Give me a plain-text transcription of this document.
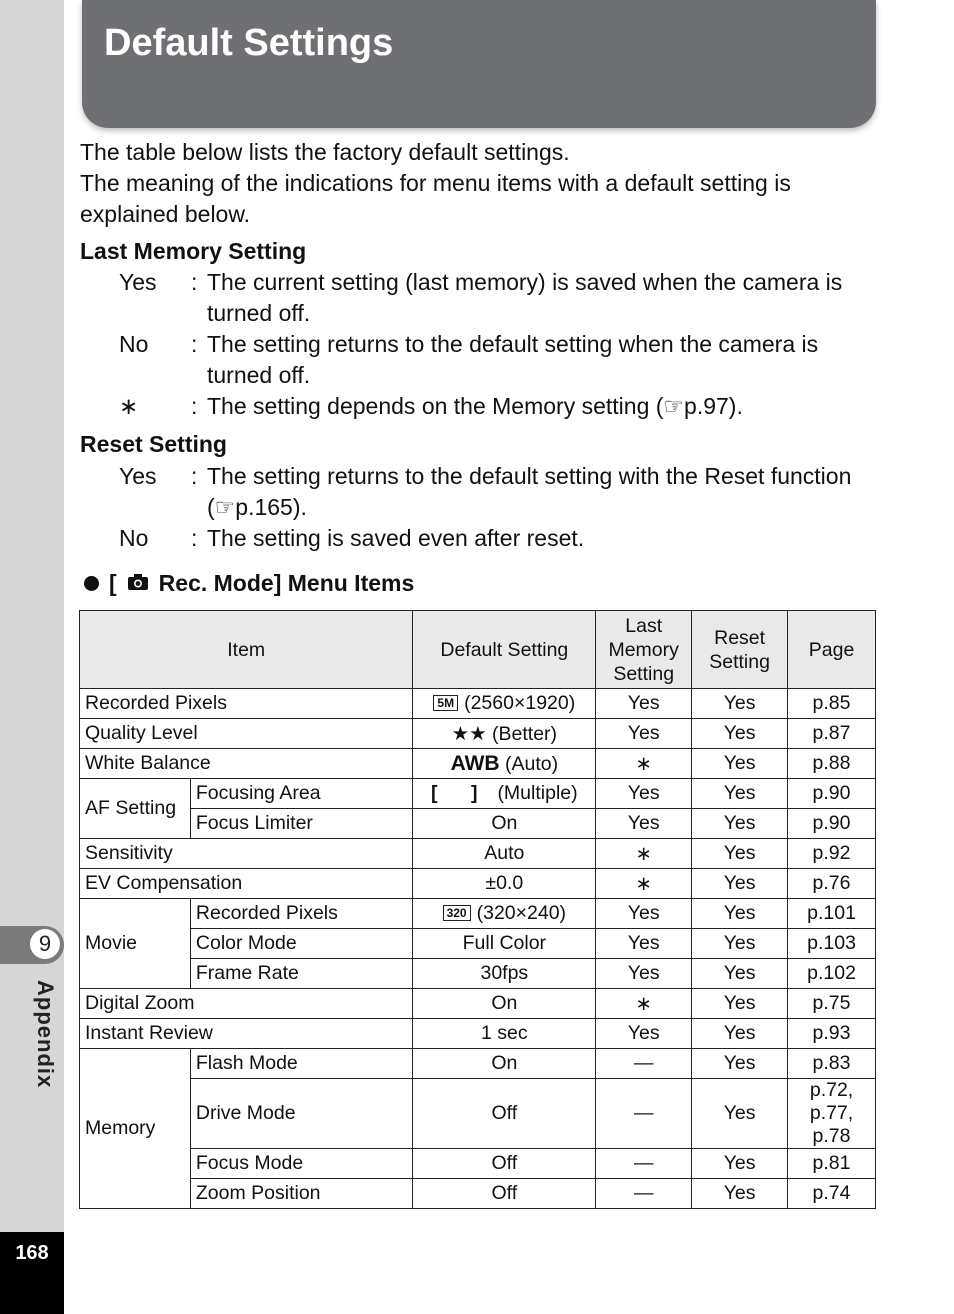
9
Appendix
168
Default Settings
The table below lists the factory default settings.
The meaning of the indications for menu items with a default setting is explained below.
Last Memory Setting
Yes : The current setting (last memory) is saved when the camera is turned off.
No : The setting returns to the default setting when the camera is turned off.
∗ : The setting depends on the Memory setting (☞p.97).
Reset Setting
Yes : The setting returns to the default setting with the Reset function (☞p.165).
No : The setting is saved even after reset.
[ Rec. Mode] Menu Items
Item		Default Setting	Last Memory Setting	Reset Setting	Page
Recorded Pixels		5M (2560×1920)	Yes	Yes	p.85
Quality Level		★★ (Better)	Yes	Yes	p.87
White Balance		AWB (Auto)	∗	Yes	p.88
AF Setting	Focusing Area	[ ] (Multiple)	Yes	Yes	p.90
	Focus Limiter	On	Yes	Yes	p.90
Sensitivity		Auto	∗	Yes	p.92
EV Compensation		±0.0	∗	Yes	p.76
Movie	Recorded Pixels	320 (320×240)	Yes	Yes	p.101
	Color Mode	Full Color	Yes	Yes	p.103
	Frame Rate	30fps	Yes	Yes	p.102
Digital Zoom		On	∗	Yes	p.75
Instant Review		1 sec	Yes	Yes	p.93
Memory	Flash Mode	On	—	Yes	p.83
	Drive Mode	Off	—	Yes	p.72,
p.77,
p.78
	Focus Mode	Off	—	Yes	p.81
	Zoom Position	Off	—	Yes	p.74
